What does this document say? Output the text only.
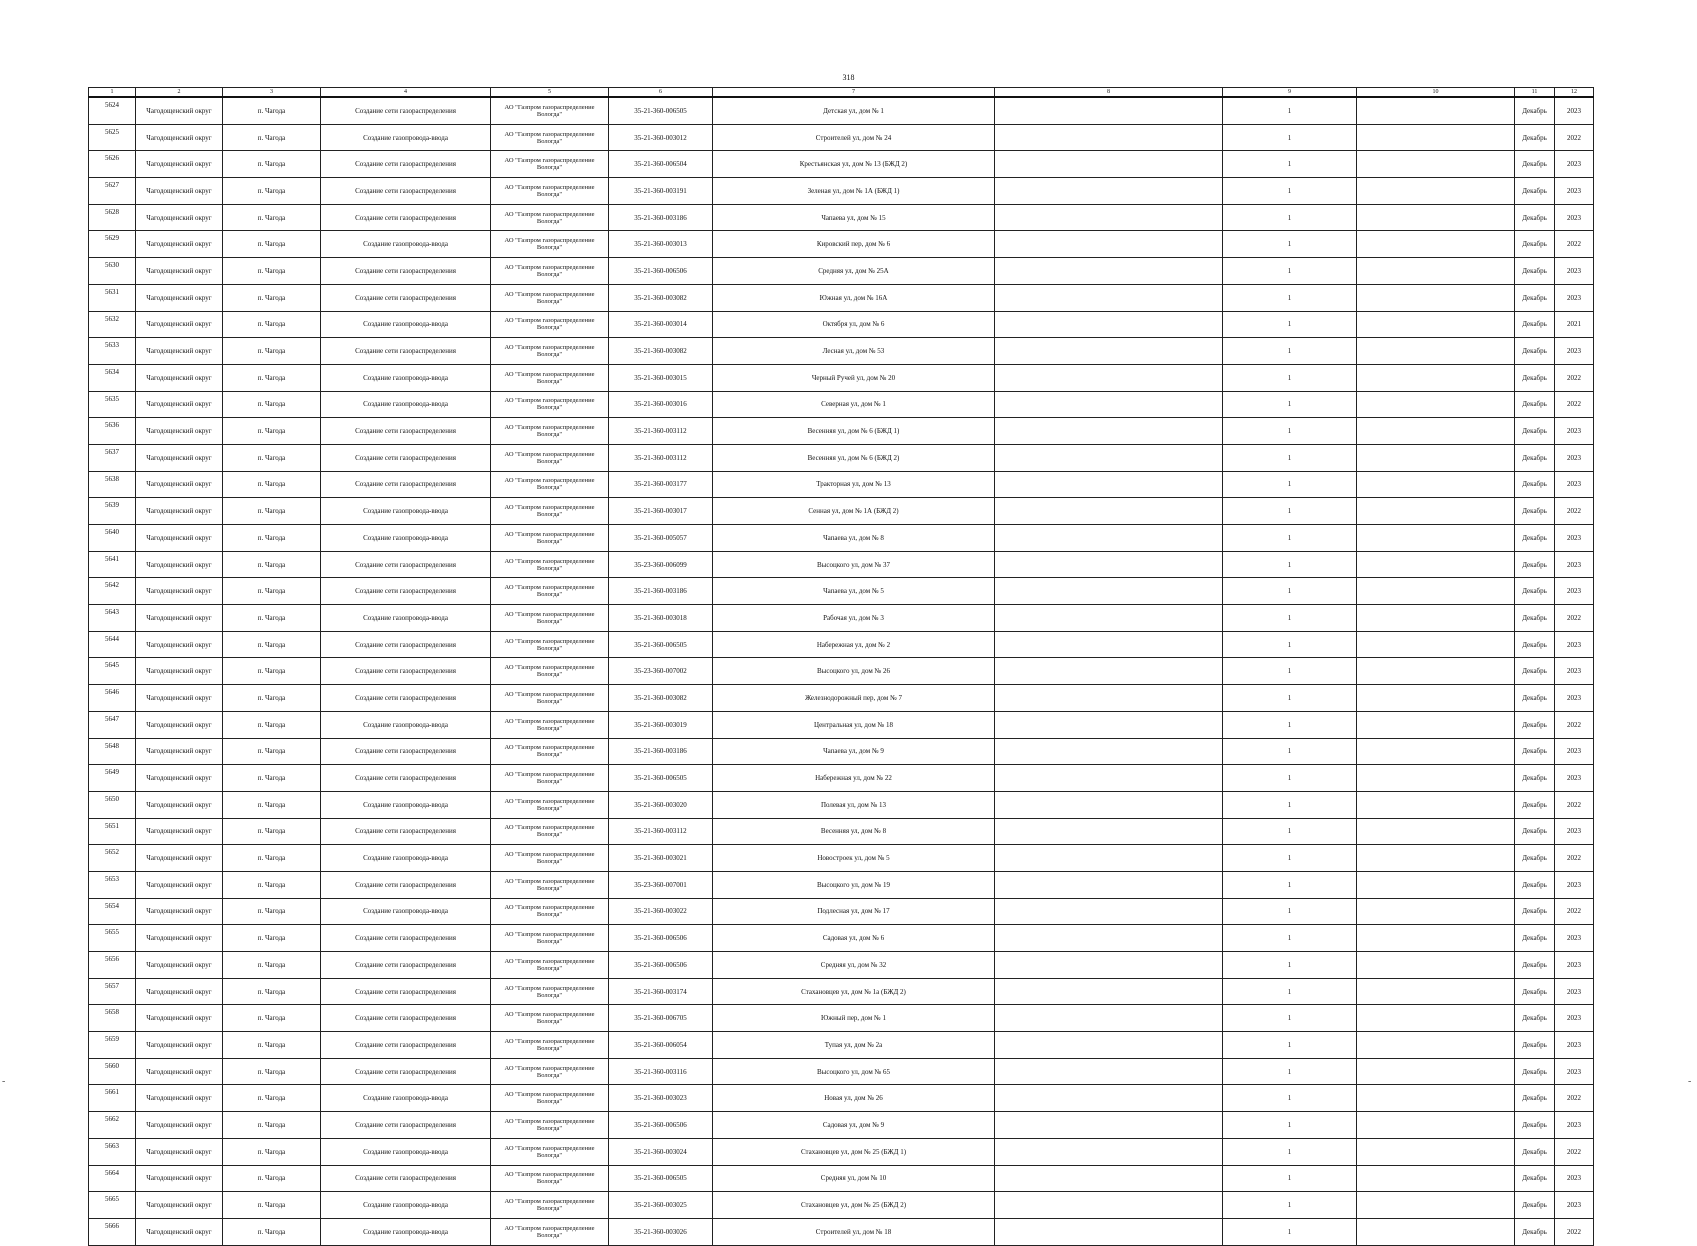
318
1	2	3	4	5	6	7	8	9	10	11	12
5624	Чагодощенский округ	п. Чагода	Создание сети газораспределения	АО "Газпром газораспределение Вологда"	35-21-360-006505	Детская ул, дом № 1		1		Декабрь	2023
5625	Чагодощенский округ	п. Чагода	Создание газопровода-ввода	АО "Газпром газораспределение Вологда"	35-21-360-003012	Строителей ул, дом № 24		1		Декабрь	2022
5626	Чагодощенский округ	п. Чагода	Создание сети газораспределения	АО "Газпром газораспределение Вологда"	35-21-360-006504	Крестьянская ул, дом № 13 (БЖД 2)		1		Декабрь	2023
5627	Чагодощенский округ	п. Чагода	Создание сети газораспределения	АО "Газпром газораспределение Вологда"	35-21-360-003191	Зеленая ул, дом № 1А (БЖД 1)		1		Декабрь	2023
5628	Чагодощенский округ	п. Чагода	Создание сети газораспределения	АО "Газпром газораспределение Вологда"	35-21-360-003186	Чапаева ул, дом № 15		1		Декабрь	2023
5629	Чагодощенский округ	п. Чагода	Создание газопровода-ввода	АО "Газпром газораспределение Вологда"	35-21-360-003013	Кировский пер, дом № 6		1		Декабрь	2022
5630	Чагодощенский округ	п. Чагода	Создание сети газораспределения	АО "Газпром газораспределение Вологда"	35-21-360-006506	Средняя ул, дом № 25А		1		Декабрь	2023
5631	Чагодощенский округ	п. Чагода	Создание сети газораспределения	АО "Газпром газораспределение Вологда"	35-21-360-003082	Южная ул, дом № 16А		1		Декабрь	2023
5632	Чагодощенский округ	п. Чагода	Создание газопровода-ввода	АО "Газпром газораспределение Вологда"	35-21-360-003014	Октября ул, дом № 6		1		Декабрь	2021
5633	Чагодощенский округ	п. Чагода	Создание сети газораспределения	АО "Газпром газораспределение Вологда"	35-21-360-003082	Лесная ул, дом № 53		1		Декабрь	2023
5634	Чагодощенский округ	п. Чагода	Создание газопровода-ввода	АО "Газпром газораспределение Вологда"	35-21-360-003015	Черный Ручей ул, дом № 20		1		Декабрь	2022
5635	Чагодощенский округ	п. Чагода	Создание газопровода-ввода	АО "Газпром газораспределение Вологда"	35-21-360-003016	Северная ул, дом № 1		1		Декабрь	2022
5636	Чагодощенский округ	п. Чагода	Создание сети газораспределения	АО "Газпром газораспределение Вологда"	35-21-360-003112	Весенняя ул, дом № 6 (БЖД 1)		1		Декабрь	2023
5637	Чагодощенский округ	п. Чагода	Создание сети газораспределения	АО "Газпром газораспределение Вологда"	35-21-360-003112	Весенняя ул, дом № 6 (БЖД 2)		1		Декабрь	2023
5638	Чагодощенский округ	п. Чагода	Создание сети газораспределения	АО "Газпром газораспределение Вологда"	35-21-360-003177	Тракторная ул, дом № 13		1		Декабрь	2023
5639	Чагодощенский округ	п. Чагода	Создание газопровода-ввода	АО "Газпром газораспределение Вологда"	35-21-360-003017	Сенная ул, дом № 1А (БЖД 2)		1		Декабрь	2022
5640	Чагодощенский округ	п. Чагода	Создание газопровода-ввода	АО "Газпром газораспределение Вологда"	35-21-360-005057	Чапаева ул, дом № 8		1		Декабрь	2023
5641	Чагодощенский округ	п. Чагода	Создание сети газораспределения	АО "Газпром газораспределение Вологда"	35-23-360-006099	Высоцкого ул, дом № 37		1		Декабрь	2023
5642	Чагодощенский округ	п. Чагода	Создание сети газораспределения	АО "Газпром газораспределение Вологда"	35-21-360-003186	Чапаева ул, дом № 5		1		Декабрь	2023
5643	Чагодощенский округ	п. Чагода	Создание газопровода-ввода	АО "Газпром газораспределение Вологда"	35-21-360-003018	Рабочая ул, дом № 3		1		Декабрь	2022
5644	Чагодощенский округ	п. Чагода	Создание сети газораспределения	АО "Газпром газораспределение Вологда"	35-21-360-006505	Набережная ул, дом № 2		1		Декабрь	2023
5645	Чагодощенский округ	п. Чагода	Создание сети газораспределения	АО "Газпром газораспределение Вологда"	35-23-360-007002	Высоцкого ул, дом № 26		1		Декабрь	2023
5646	Чагодощенский округ	п. Чагода	Создание сети газораспределения	АО "Газпром газораспределение Вологда"	35-21-360-003082	Железнодорожный пер, дом № 7		1		Декабрь	2023
5647	Чагодощенский округ	п. Чагода	Создание газопровода-ввода	АО "Газпром газораспределение Вологда"	35-21-360-003019	Центральная ул, дом № 18		1		Декабрь	2022
5648	Чагодощенский округ	п. Чагода	Создание сети газораспределения	АО "Газпром газораспределение Вологда"	35-21-360-003186	Чапаева ул, дом № 9		1		Декабрь	2023
5649	Чагодощенский округ	п. Чагода	Создание сети газораспределения	АО "Газпром газораспределение Вологда"	35-21-360-006505	Набережная ул, дом № 22		1		Декабрь	2023
5650	Чагодощенский округ	п. Чагода	Создание газопровода-ввода	АО "Газпром газораспределение Вологда"	35-21-360-003020	Полевая ул, дом № 13		1		Декабрь	2022
5651	Чагодощенский округ	п. Чагода	Создание сети газораспределения	АО "Газпром газораспределение Вологда"	35-21-360-003112	Весенняя ул, дом № 8		1		Декабрь	2023
5652	Чагодощенский округ	п. Чагода	Создание газопровода-ввода	АО "Газпром газораспределение Вологда"	35-21-360-003021	Новостроек ул, дом № 5		1		Декабрь	2022
5653	Чагодощенский округ	п. Чагода	Создание сети газораспределения	АО "Газпром газораспределение Вологда"	35-23-360-007001	Высоцкого ул, дом № 19		1		Декабрь	2023
5654	Чагодощенский округ	п. Чагода	Создание газопровода-ввода	АО "Газпром газораспределение Вологда"	35-21-360-003022	Подлесная ул, дом № 17		1		Декабрь	2022
5655	Чагодощенский округ	п. Чагода	Создание сети газораспределения	АО "Газпром газораспределение Вологда"	35-21-360-006506	Садовая ул, дом № 6		1		Декабрь	2023
5656	Чагодощенский округ	п. Чагода	Создание сети газораспределения	АО "Газпром газораспределение Вологда"	35-21-360-006506	Средняя ул, дом № 32		1		Декабрь	2023
5657	Чагодощенский округ	п. Чагода	Создание сети газораспределения	АО "Газпром газораспределение Вологда"	35-21-360-003174	Стахановцев ул, дом № 1а (БЖД 2)		1		Декабрь	2023
5658	Чагодощенский округ	п. Чагода	Создание сети газораспределения	АО "Газпром газораспределение Вологда"	35-21-360-006705	Южный пер, дом № 1		1		Декабрь	2023
5659	Чагодощенский округ	п. Чагода	Создание сети газораспределения	АО "Газпром газораспределение Вологда"	35-21-360-006054	Тупая ул, дом № 2а		1		Декабрь	2023
5660	Чагодощенский округ	п. Чагода	Создание сети газораспределения	АО "Газпром газораспределение Вологда"	35-21-360-003116	Высоцкого ул, дом № 65		1		Декабрь	2023
5661	Чагодощенский округ	п. Чагода	Создание газопровода-ввода	АО "Газпром газораспределение Вологда"	35-21-360-003023	Новая ул, дом № 26		1		Декабрь	2022
5662	Чагодощенский округ	п. Чагода	Создание сети газораспределения	АО "Газпром газораспределение Вологда"	35-21-360-006506	Садовая ул, дом № 9		1		Декабрь	2023
5663	Чагодощенский округ	п. Чагода	Создание газопровода-ввода	АО "Газпром газораспределение Вологда"	35-21-360-003024	Стахановцев ул, дом № 25 (БЖД 1)		1		Декабрь	2022
5664	Чагодощенский округ	п. Чагода	Создание сети газораспределения	АО "Газпром газораспределение Вологда"	35-21-360-006505	Средняя ул, дом № 10		1		Декабрь	2023
5665	Чагодощенский округ	п. Чагода	Создание газопровода-ввода	АО "Газпром газораспределение Вологда"	35-21-360-003025	Стахановцев ул, дом № 25 (БЖД 2)		1		Декабрь	2023
5666	Чагодощенский округ	п. Чагода	Создание газопровода-ввода	АО "Газпром газораспределение Вологда"	35-21-360-003026	Строителей ул, дом № 18		1		Декабрь	2022
-	-
